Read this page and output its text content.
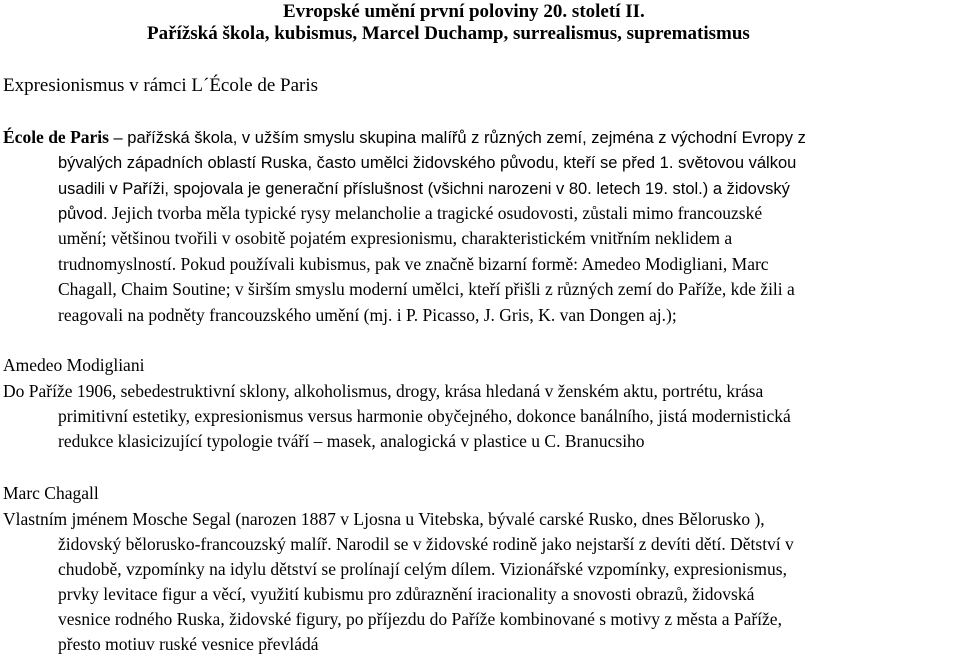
Evropské umění první poloviny 20. století II.
Pařížská škola, kubismus, Marcel Duchamp, surrealismus, suprematismus
Expresionismus v rámci L´École de Paris
École de Paris – pařížská škola, v užším smyslu skupina malířů z různých zemí, zejména z východní Evropy z
bývalých západních oblastí Ruska, často umělci židovského původu, kteří se před 1. světovou válkou
usadili v Paříži, spojovala je generační příslušnost (všichni narozeni v 80. letech 19. stol.) a židovský
původ. Jejich tvorba měla typické rysy melancholie a tragické osudovosti, zůstali mimo francouzské
umění; většinou tvořili v osobitě pojatém expresionismu, charakteristickém vnitřním neklidem a
trudnomyslností. Pokud používali kubismus, pak ve značně bizarní formě: Amedeo Modigliani, Marc
Chagall, Chaim Soutine; v širším smyslu moderní umělci, kteří přišli z různých zemí do Paříže, kde žili a
reagovali na podněty francouzského umění (mj. i P. Picasso, J. Gris, K. van Dongen aj.);
Amedeo Modigliani
Do Paříže 1906, sebedestruktivní sklony, alkoholismus, drogy, krása hledaná v ženském aktu, portrétu, krása
primitivní estetiky, expresionismus versus harmonie obyčejného, dokonce banálního, jistá modernistická
redukce klasicizující typologie tváří – masek, analogická v plastice u C. Branucsiho
Marc Chagall
Vlastním jménem Mosche Segal (narozen 1887 v Ljosna u Vitebska, bývalé carské Rusko, dnes Bělorusko ),
židovský bělorusko-francouzský malíř. Narodil se v židovské rodině jako nejstarší z devíti dětí. Dětství v
chudobě, vzpomínky na idylu dětství se prolínají celým dílem. Vizionářské vzpomínky, expresionismus,
prvky levitace figur a věcí, využití kubismu pro zdůraznění iracionality a snovosti obrazů, židovská
vesnice rodného Ruska, židovské figury, po příjezdu do Paříže kombinované s motivy z města a Paříže,
přesto motiuv ruské vesnice převládá
